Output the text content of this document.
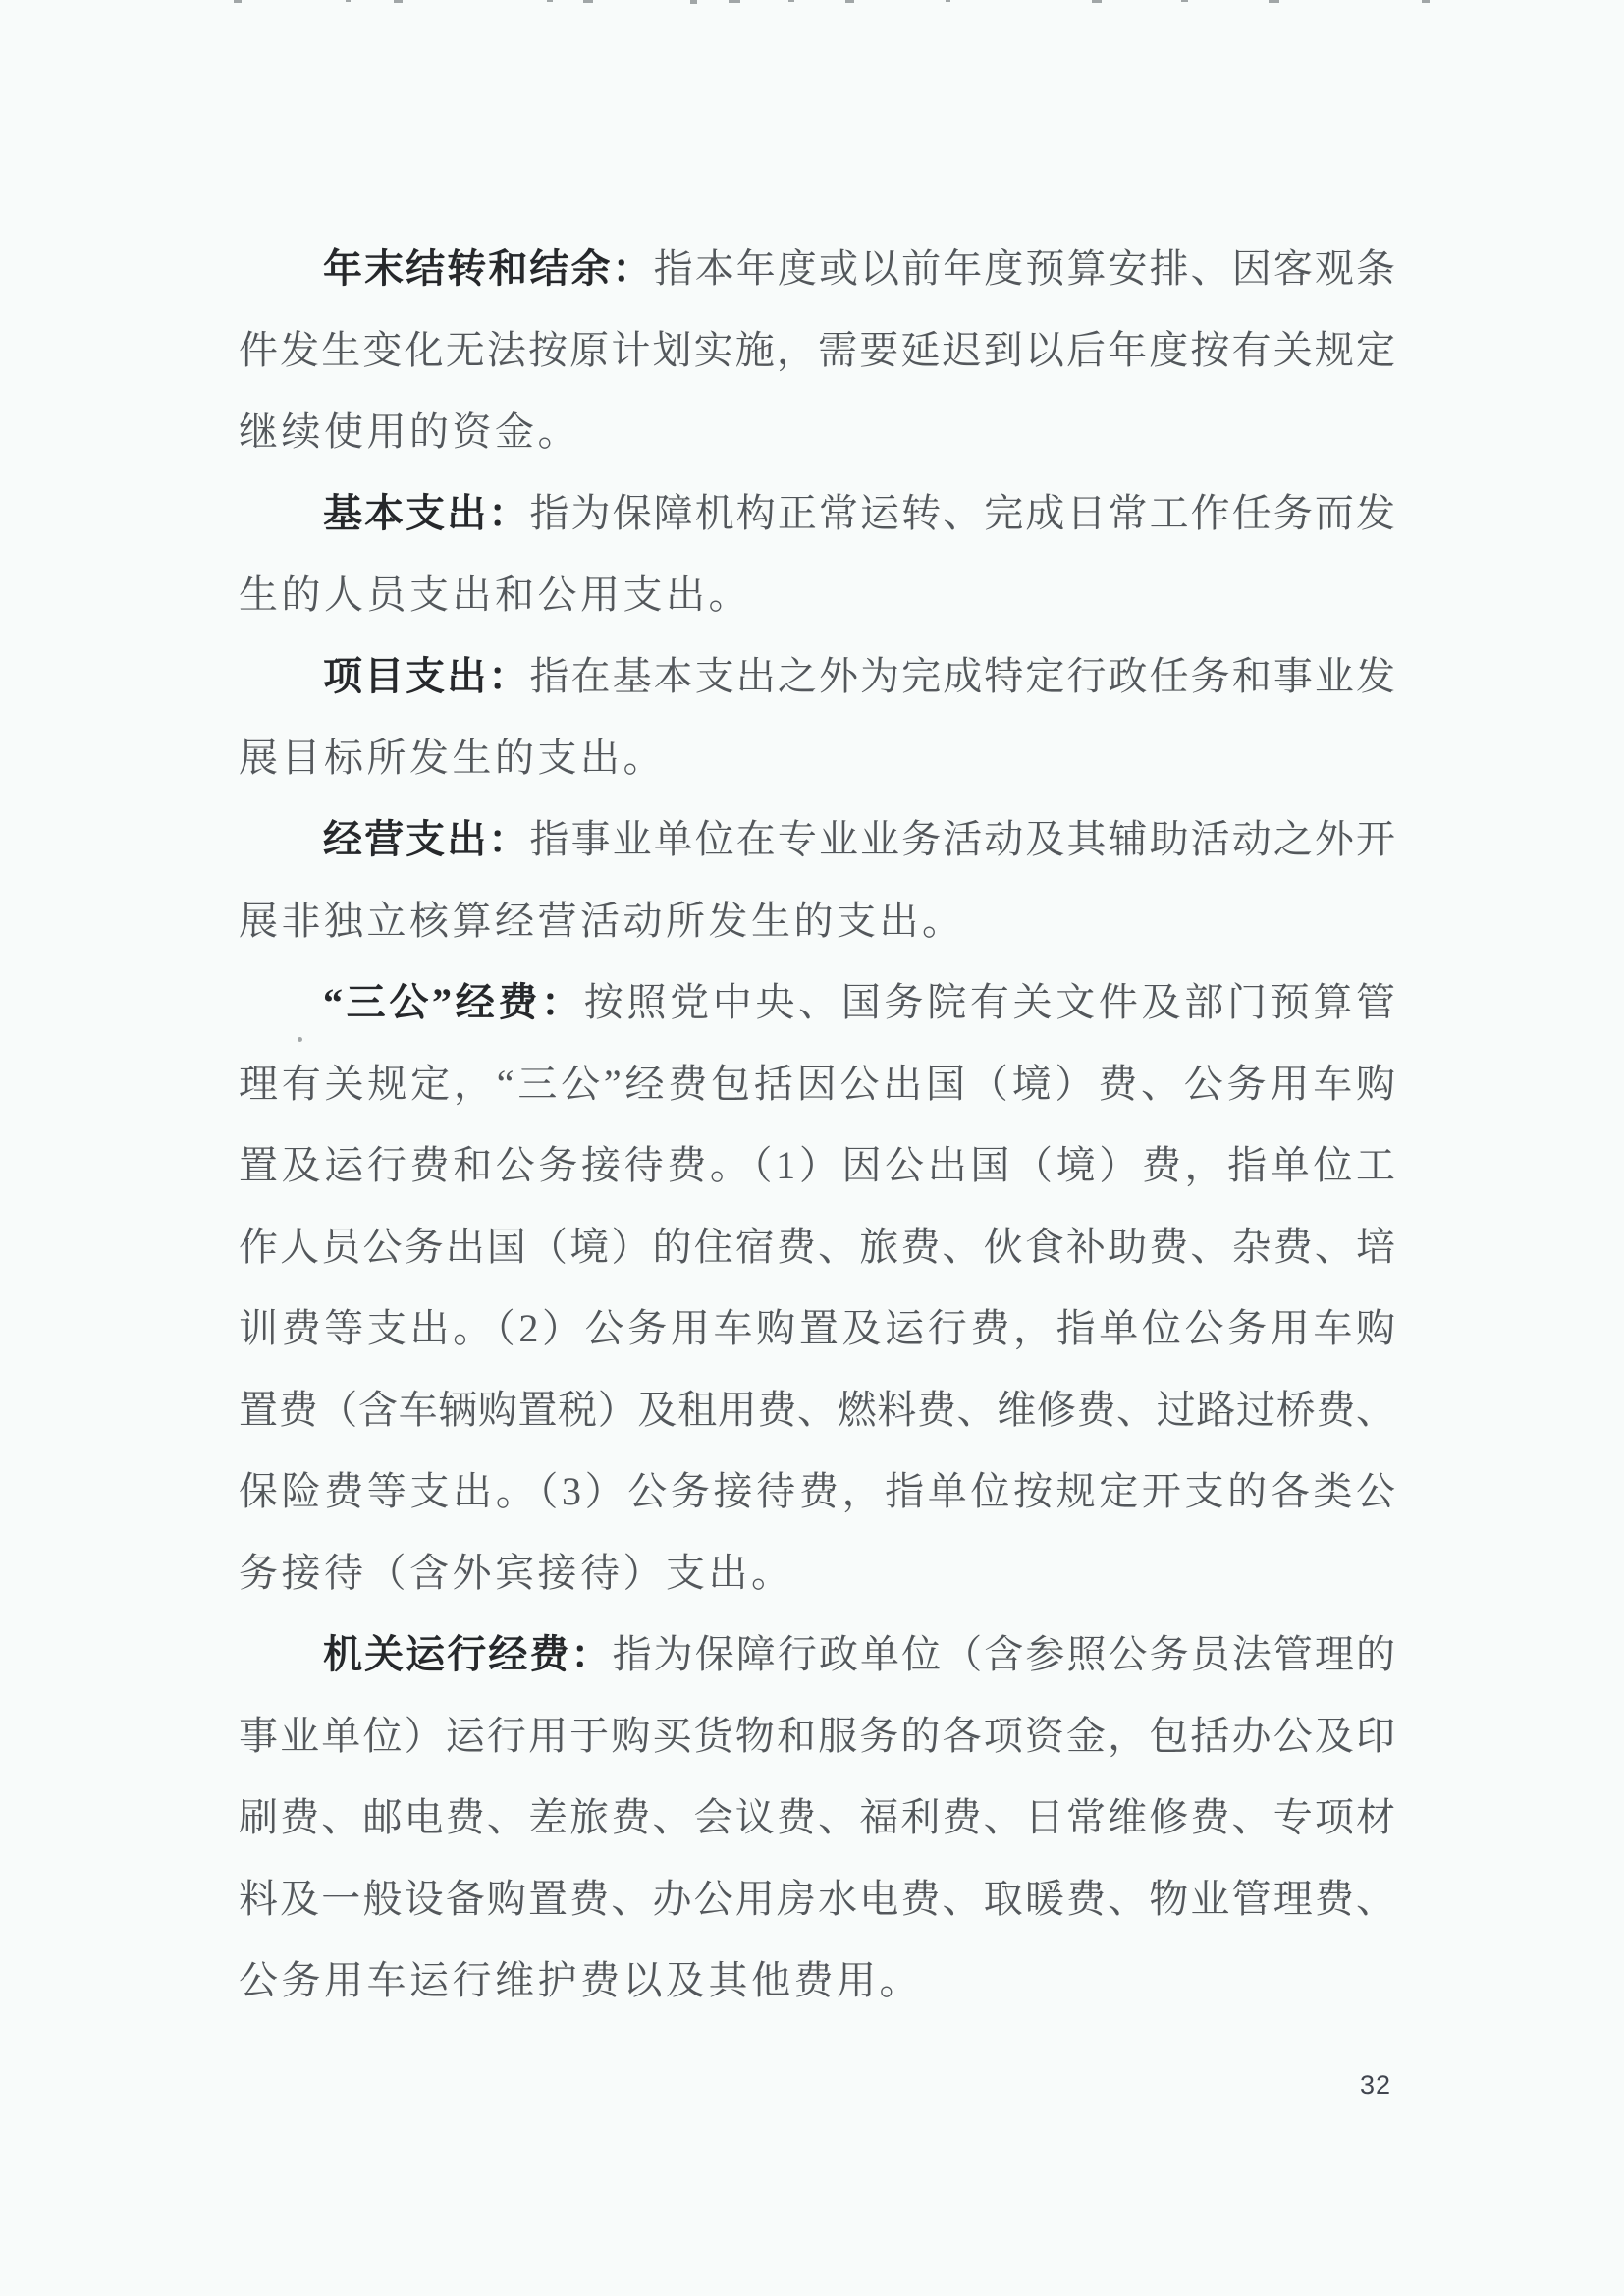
年末结转和结余：指本年度或以前年度预算安排、因客观条
件发生变化无法按原计划实施，需要延迟到以后年度按有关规定
继续使用的资金。
基本支出：指为保障机构正常运转、完成日常工作任务而发
生的人员支出和公用支出。
项目支出：指在基本支出之外为完成特定行政任务和事业发
展目标所发生的支出。
经营支出：指事业单位在专业业务活动及其辅助活动之外开
展非独立核算经营活动所发生的支出。
“三公”经费：按照党中央、国务院有关文件及部门预算管
理有关规定，“三公”经费包括因公出国（境）费、公务用车购
置及运行费和公务接待费。（1）因公出国（境）费，指单位工
作人员公务出国（境）的住宿费、旅费、伙食补助费、杂费、培
训费等支出。（2）公务用车购置及运行费，指单位公务用车购
置费（含车辆购置税）及租用费、燃料费、维修费、过路过桥费、
保险费等支出。（3）公务接待费，指单位按规定开支的各类公
务接待（含外宾接待）支出。
机关运行经费：指为保障行政单位（含参照公务员法管理的
事业单位）运行用于购买货物和服务的各项资金，包括办公及印
刷费、邮电费、差旅费、会议费、福利费、日常维修费、专项材
料及一般设备购置费、办公用房水电费、取暖费、物业管理费、
公务用车运行维护费以及其他费用。
32
